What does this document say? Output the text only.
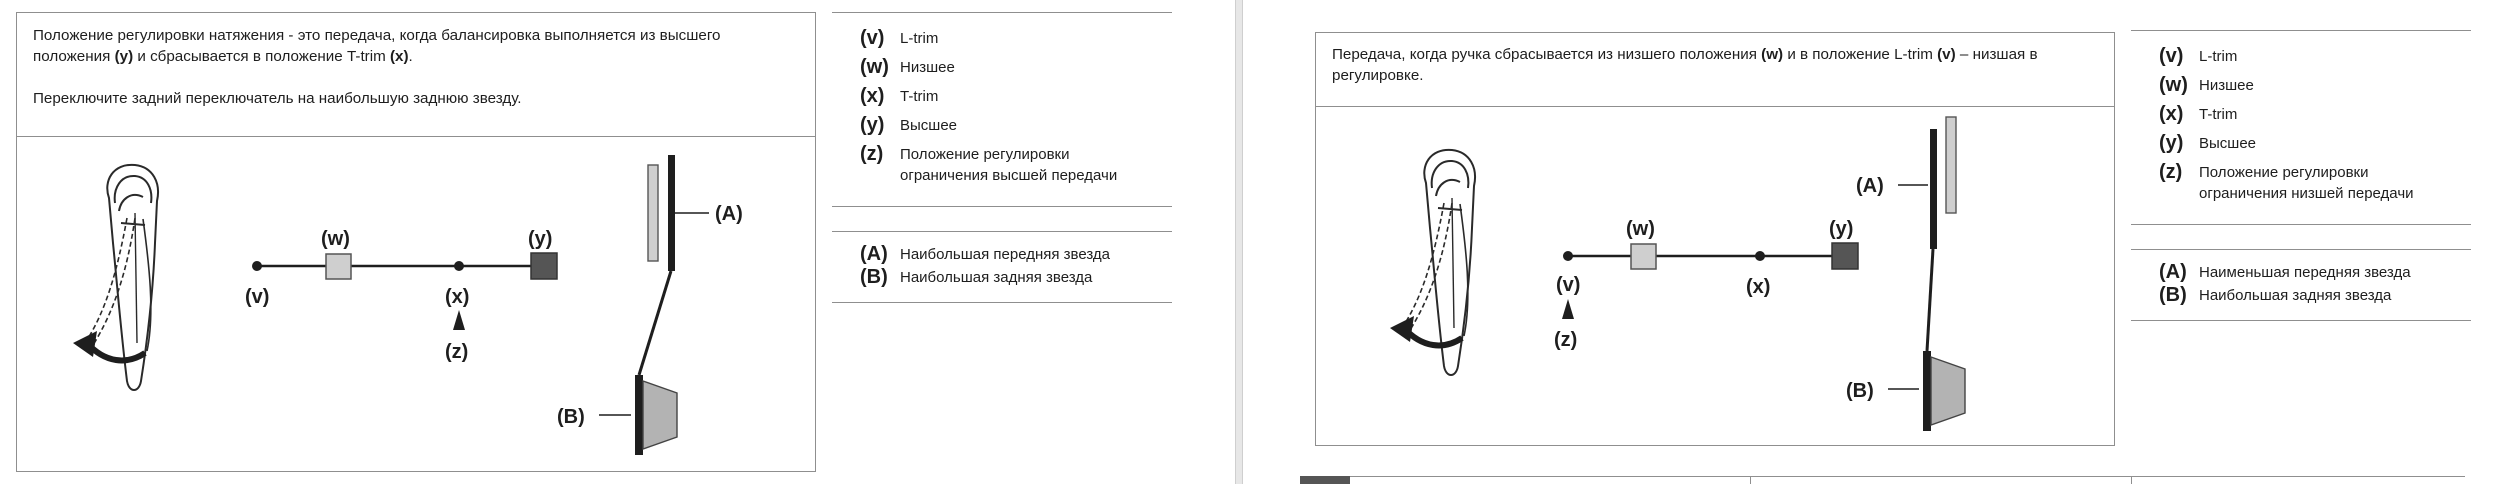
Положение регулировки натяжения - это передача, когда балансировка выполняется из высшего положения (y) и сбрасывается в положение T-trim (x).

Переключите задний переключатель на наибольшую заднюю звезду.

(v)
(w)
(x)
(y)
(z)
(A)
(B)
(v)	L-trim
(w) Низшее
(x)	T-trim
(y)	Высшее
(z)	Положение регулировки ограничения высшей передачи
(A) Наибольшая передняя звезда
(B) Наибольшая задняя звезда

Передача, когда ручка сбрасывается из низшего положения (w) и в положение L-trim (v) – низшая в регулировке.

(v)
(w)
(x)
(y)
(z)
(A)
(B)
(v)	L-trim
(w) Низшее
(x)	T-trim
(y)	Высшее
(z)	Положение регулировки ограничения низшей передачи
(A) Наименьшая передняя звезда
(B) Наибольшая задняя звезда
